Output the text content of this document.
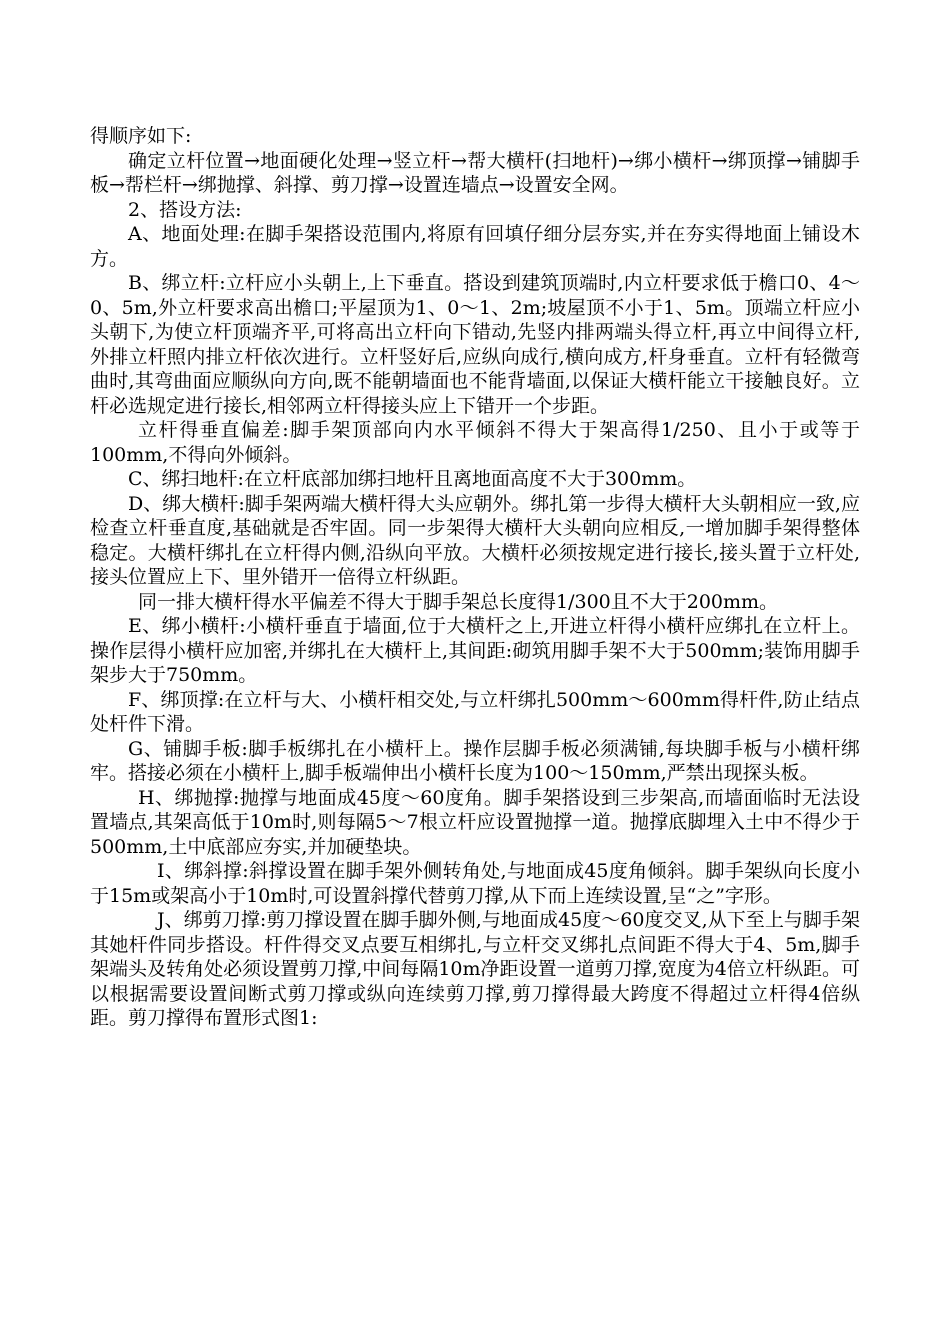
得顺序如下:

确定立杆位置→地面硬化处理→竖立杆→帮大横杆(扫地杆)→绑小横杆→绑顶撑→铺脚手板→帮栏杆→绑抛撑、斜撑、剪刀撑→设置连墙点→设置安全网。

2、搭设方法:

A、地面处理:在脚手架搭设范围内,将原有回填仔细分层夯实,并在夯实得地面上铺设木方。

B、绑立杆:立杆应小头朝上,上下垂直。搭设到建筑顶端时,内立杆要求低于檐口0、4～0、5m,外立杆要求高出檐口;平屋顶为1、0～1、2m;坡屋顶不小于1、5m。顶端立杆应小头朝下,为使立杆顶端齐平,可将高出立杆向下错动,先竖内排两端头得立杆,再立中间得立杆,外排立杆照内排立杆依次进行。立杆竖好后,应纵向成行,横向成方,杆身垂直。立杆有轻微弯曲时,其弯曲面应顺纵向方向,既不能朝墙面也不能背墙面,以保证大横杆能立干接触良好。立杆必选规定进行接长,相邻两立杆得接头应上下错开一个步距。

立杆得垂直偏差:脚手架顶部向内水平倾斜不得大于架高得1/250、且小于或等于100mm,不得向外倾斜。

C、绑扫地杆:在立杆底部加绑扫地杆且离地面高度不大于300mm。

D、绑大横杆:脚手架两端大横杆得大头应朝外。绑扎第一步得大横杆大头朝相应一致,应检查立杆垂直度,基础就是否牢固。同一步架得大横杆大头朝向应相反,一增加脚手架得整体稳定。大横杆绑扎在立杆得内侧,沿纵向平放。大横杆必须按规定进行接长,接头置于立杆处,接头位置应上下、里外错开一倍得立杆纵距。

同一排大横杆得水平偏差不得大于脚手架总长度得1/300且不大于200mm。

E、绑小横杆:小横杆垂直于墙面,位于大横杆之上,开进立杆得小横杆应绑扎在立杆上。操作层得小横杆应加密,并绑扎在大横杆上,其间距:砌筑用脚手架不大于500mm;装饰用脚手架步大于750mm。

F、绑顶撑:在立杆与大、小横杆相交处,与立杆绑扎500mm～600mm得杆件,防止结点处杆件下滑。

G、铺脚手板:脚手板绑扎在小横杆上。操作层脚手板必须满铺,每块脚手板与小横杆绑牢。搭接必须在小横杆上,脚手板端伸出小横杆长度为100～150mm,严禁出现探头板。

H、绑抛撑:抛撑与地面成45度～60度角。脚手架搭设到三步架高,而墙面临时无法设置墙点,其架高低于10m时,则每隔5～7根立杆应设置抛撑一道。抛撑底脚埋入土中不得少于500mm,土中底部应夯实,并加硬垫块。

I、绑斜撑:斜撑设置在脚手架外侧转角处,与地面成45度角倾斜。脚手架纵向长度小于15m或架高小于10m时,可设置斜撑代替剪刀撑,从下而上连续设置,呈“之”字形。

J、绑剪刀撑:剪刀撑设置在脚手脚外侧,与地面成45度～60度交叉,从下至上与脚手架其她杆件同步搭设。杆件得交叉点要互相绑扎,与立杆交叉绑扎点间距不得大于4、5m,脚手架端头及转角处必须设置剪刀撑,中间每隔10m净距设置一道剪刀撑,宽度为4倍立杆纵距。可以根据需要设置间断式剪刀撑或纵向连续剪刀撑,剪刀撑得最大跨度不得超过立杆得4倍纵距。剪刀撑得布置形式图1:
